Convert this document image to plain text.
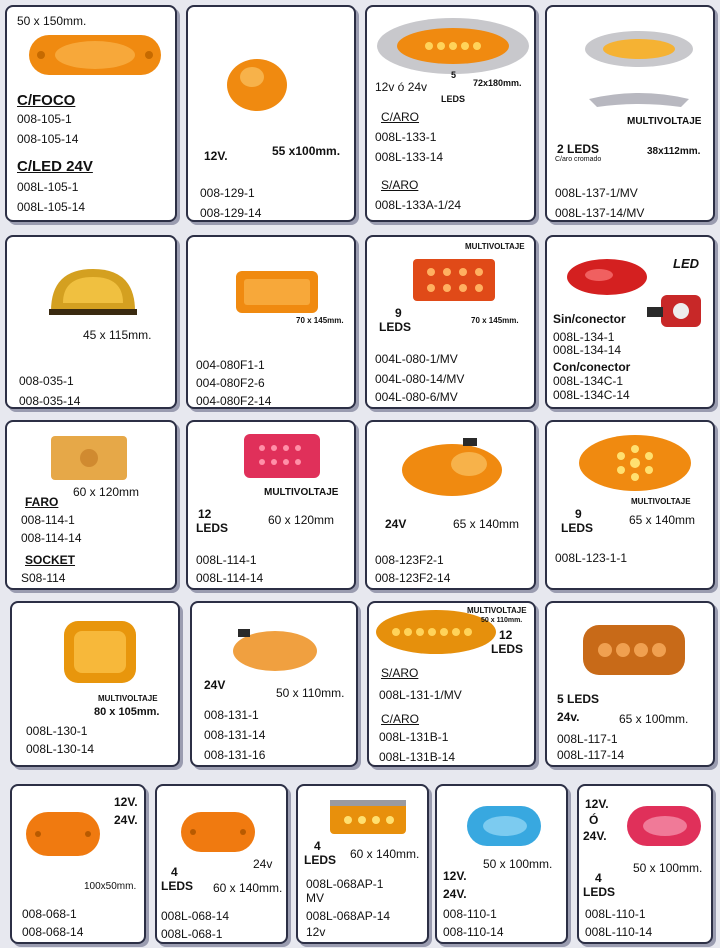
50 x 150mm.
C/FOCO
008-105-1
008-105-14
C/LED 24V
008L-105-1
008L-105-14
12V.	55 x100mm.
008-129-1
008-129-14
5
12v ó 24v
LEDS
72x180mm.
C/ARO
008L-133-1
008L-133-14
S/ARO
008L-133A-1/24
MULTIVOLTAJE
2 LEDS
C/aro cromado
38x112mm.
008L-137-1/MV
008L-137-14/MV
45 x 115mm.
008-035-1
008-035-14
70 x 145mm.
004-080F1-1
004-080F2-6
004-080F2-14
MULTIVOLTAJE
9
LEDS	70 x 145mm.
004L-080-1/MV
004L-080-14/MV
004L-080-6/MV
LED
Sin/conector
008L-134-1
008L-134-14
Con/conector
008L-134C-1
008L-134C-14
60 x 120mm
FARO
008-114-1
008-114-14
SOCKET
S08-114
MULTIVOLTAJE
12
LEDS
60 x 120mm
008L-114-1
008L-114-14
24V	65 x 140mm
008-123F2-1
008-123F2-14
MULTIVOLTAJE
9
LEDS
65 x 140mm
008L-123-1-1
MULTIVOLTAJE
80 x 105mm.
008L-130-1
008L-130-14
24V
50 x 110mm.
008-131-1
008-131-14
008-131-16
MULTIVOLTAJE
50 x 110mm.
12
LEDS
S/ARO
008L-131-1/MV
C/ARO
008L-131B-1
008L-131B-14
5 LEDS
24v.	65 x 100mm.
008L-117-1
008L-117-14
12V.
24V.
100x50mm.
008-068-1
008-068-14
24v
4
LEDS 60 x 140mm.
008L-068-14
008L-068-1
4
LEDS 60 x 140mm.
008L-068AP-1
MV
008L-068AP-14
12v
50 x 100mm.
12V.
24V.
008-110-1
008-110-14
12V.
Ó
24V.
4
LEDS
50 x 100mm.
008L-110-1
008L-110-14
